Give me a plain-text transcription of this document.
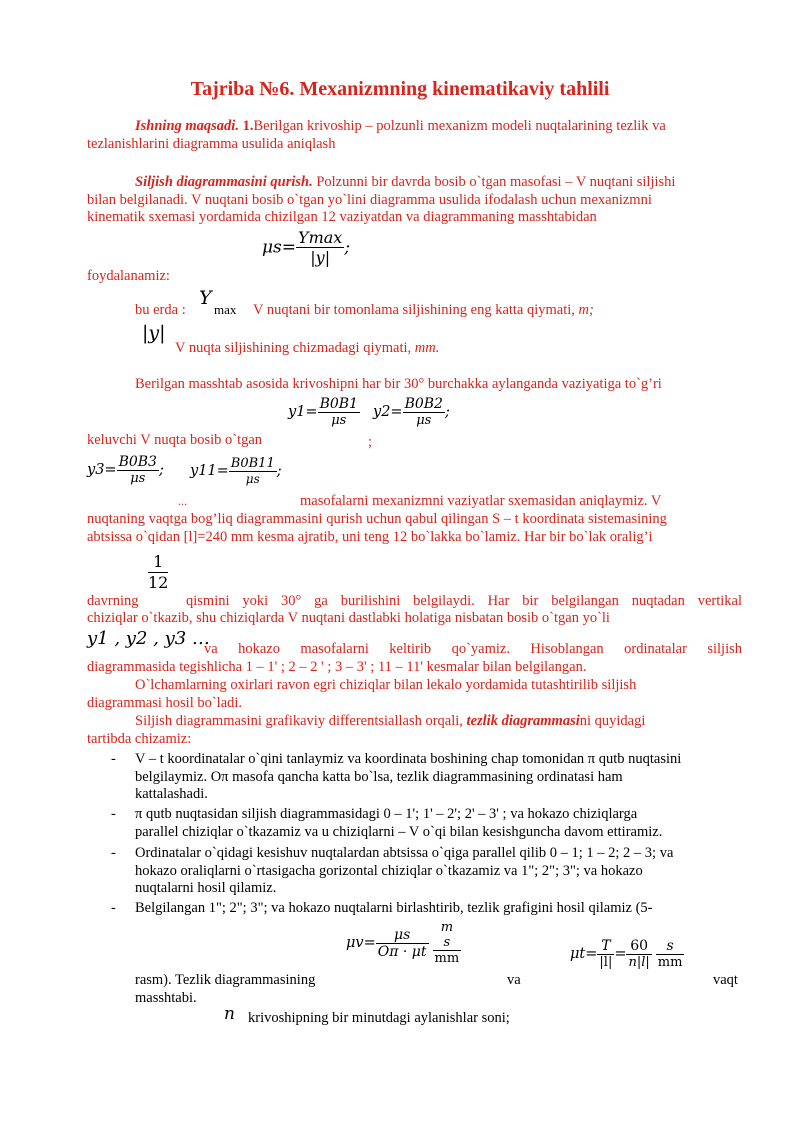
Tajriba №6. Mexanizmning kinematikaviy tahlili
Ishning maqsadi. 1.Berilgan krivoship – polzunli mexanizm modeli nuqtalarining tezlik va
tezlanishlarini diagramma usulida aniqlash
Siljish diagrammasini qurish. Polzunni bir davrda bosib o`tgan masofasi – V nuqtani siljishi
bilan belgilanadi. V nuqtani bosib o`tgan yo`lini diagramma usulida ifodalash uchun mexanizmni
kinematik sxemasi yordamida chizilgan 12 vaziyatdan va diagrammaning masshtabidan
$\mu s= \frac{Ymax}{|y|}$ ;
foydalanamiz:
bu erda :
Y
max V nuqtani bir tomonlama siljishining eng katta qiymati, m;
|y|
V nuqta siljishining chizmadagi qiymati, mm.
Berilgan masshtab asosida krivoshipni har bir 30° burchakka aylanganda vaziyatiga to`g’ri
$y1= \frac{B0B1}{\mu s} y2= \frac{B0B2}{\mu s}$ ;
keluvchi V nuqta bosib o`tgan	;
$y3= \frac{B0B3}{\mu s}$ ; $y11= \frac{B0B11}{\mu s}$ ;
...	masofalarni mexanizmni vaziyatlar sxemasidan aniqlaymiz. V
nuqtaning vaqtga bog’liq diagrammasini qurish uchun qabul qilingan S – t koordinata sistemasining
abtsissa o`qidan [l]=240 mm kesma ajratib, uni teng 12 bo`lakka bo`lamiz. Har bir bo`lak oralig’i
1
12
davrning	qismini yoki 30° ga burilishini belgilaydi. Har bir belgilangan nuqtadan vertikal
chiziqlar o`tkazib, shu chiziqlarda V nuqtani dastlabki holatiga nisbatan bosib o`tgan yo`li
y1 , y2 , y3 …
va hokazo masofalarni keltirib qo`yamiz. Hisoblangan ordinatalar siljish
diagrammasida tegishlicha 1 – 1' ; 2 – 2 ' ; 3 – 3' ; 11 – 11' kesmalar bilan belgilangan.
O`lchamlarning oxirlari ravon egri chiziqlar bilan lekalo yordamida tutashtirilib siljish
diagrammasi hosil bo`ladi.
Siljish diagrammasini grafikaviy differentsiallash orqali, tezlik diagrammasini quyidagi
tartibda chizamiz:
- V – t koordinatalar o`qini tanlaymiz va koordinata boshining chap tomonidan π qutb nuqtasini
belgilaymiz. Oπ masofa qancha katta bo`lsa, tezlik diagrammasining ordinatasi ham
kattalashadi.
- π qutb nuqtasidan siljish diagrammasidagi 0 – 1'; 1' – 2'; 2' – 3' ; va hokazo chiziqlarga
parallel chiziqlar o`tkazamiz va u chiziqlarni – V o`qi bilan kesishguncha davom ettiramiz.
- Ordinatalar o`qidagi kesishuv nuqtalardan abtsissa o`qiga parallel qilib 0 – 1; 1 – 2; 2 – 3; va
hokazo oraliqlarni o`rtasigacha gorizontal chiziqlar o`tkazamiz va 1"; 2"; 3"; va hokazo
nuqtalarni hosil qilamiz.
- Belgilangan 1"; 2"; 3"; va hokazo nuqtalarni birlashtirib, tezlik grafigini hosil qilamiz (5-
$\mu v= \frac{\mu s}{O\pi \cdot \mu t}$ m
s
mm	$\mu t= \frac{T}{|l|} = \frac{60}{n|l|} \frac{s}{mm}$
rasm). Tezlik diagrammasining	va	vaqt
masshtabi.
n krivoshipning bir minutdagi aylanishlar soni;
